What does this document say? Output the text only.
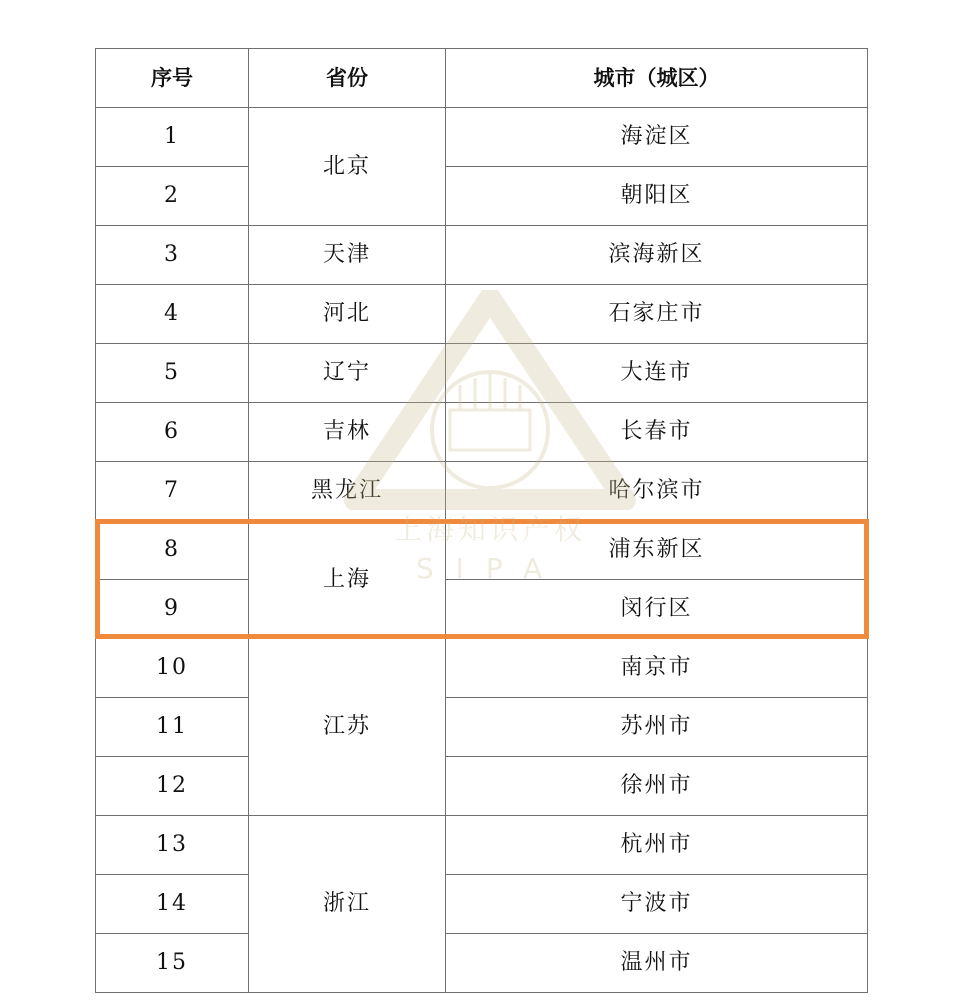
序号	省份	城市（城区）
1	北京	海淀区
2		朝阳区
3	天津	滨海新区
4	河北	石家庄市
5	辽宁	大连市
6	吉林	长春市
7	黑龙江	哈尔滨市
8	上海	浦东新区
9		闵行区
10	江苏	南京市
11		苏州市
12		徐州市
13	浙江	杭州市
14		宁波市
15		温州市
上海知识产权
SIPA
